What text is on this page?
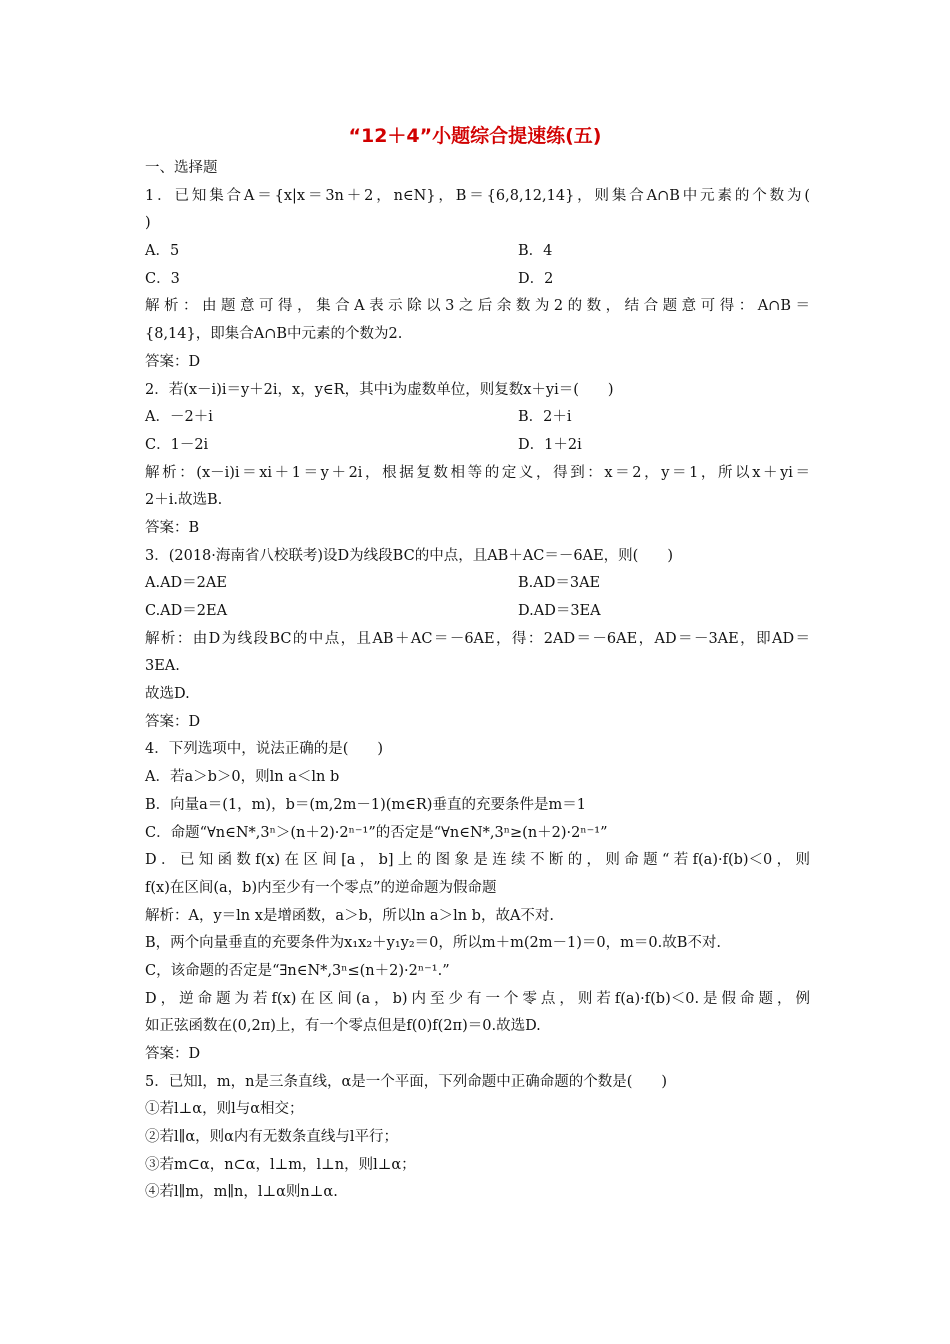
“12＋4”小题综合提速练(五)
一、选择题
1．已知集合A＝{x|x＝3n＋2，n∈N}，B＝{6,8,12,14}，则集合A∩B中元素的个数为(
)
A．5	B．4
C．3	D．2
解析：由题意可得，集合A表示除以3之后余数为2的数，结合题意可得：A∩B＝
{8,14}，即集合A∩B中元素的个数为2.
答案：D
2．若(x－i)i＝y＋2i，x，y∈R，其中i为虚数单位，则复数x＋yi＝(　　)
A．－2＋i	B．2＋i
C．1－2i	D．1＋2i
解析：(x－i)i＝xi＋1＝y＋2i，根据复数相等的定义，得到：x＝2，y＝1，所以x＋yi＝
2＋i.故选B.
答案：B
3．(2018·海南省八校联考)设D为线段BC的中点，且AB＋AC＝－6AE，则(　　)
A.AD＝2AE	B.AD＝3AE
C.AD＝2EA	D.AD＝3EA
解析：由D为线段BC的中点，且AB＋AC＝－6AE，得：2AD＝－6AE，AD＝－3AE，即AD＝
3EA.
故选D.
答案：D
4．下列选项中，说法正确的是(　　)
A．若a＞b＞0，则ln a＜ln b
B．向量a＝(1，m)，b＝(m,2m－1)(m∈R)垂直的充要条件是m＝1
C．命题“∀n∈N*,3ⁿ＞(n＋2)·2ⁿ⁻¹”的否定是“∀n∈N*,3ⁿ≥(n＋2)·2ⁿ⁻¹”
D．已知函数f(x)在区间[a，b]上的图象是连续不断的，则命题“若f(a)·f(b)＜0，则
f(x)在区间(a，b)内至少有一个零点”的逆命题为假命题
解析：A，y＝ln x是增函数，a＞b，所以ln a＞ln b，故A不对.
B，两个向量垂直的充要条件为x₁x₂＋y₁y₂＝0，所以m＋m(2m－1)＝0，m＝0.故B不对.
C，该命题的否定是“∃n∈N*,3ⁿ≤(n＋2)·2ⁿ⁻¹.”
D，逆命题为若f(x)在区间(a，b)内至少有一个零点，则若f(a)·f(b)＜0.是假命题，例
如正弦函数在(0,2π)上，有一个零点但是f(0)f(2π)＝0.故选D.
答案：D
5．已知l，m，n是三条直线，α是一个平面，下列命题中正确命题的个数是(　　)
①若l⊥α，则l与α相交；
②若l∥α，则α内有无数条直线与l平行；
③若m⊂α，n⊂α，l⊥m，l⊥n，则l⊥α；
④若l∥m，m∥n，l⊥α则n⊥α.
